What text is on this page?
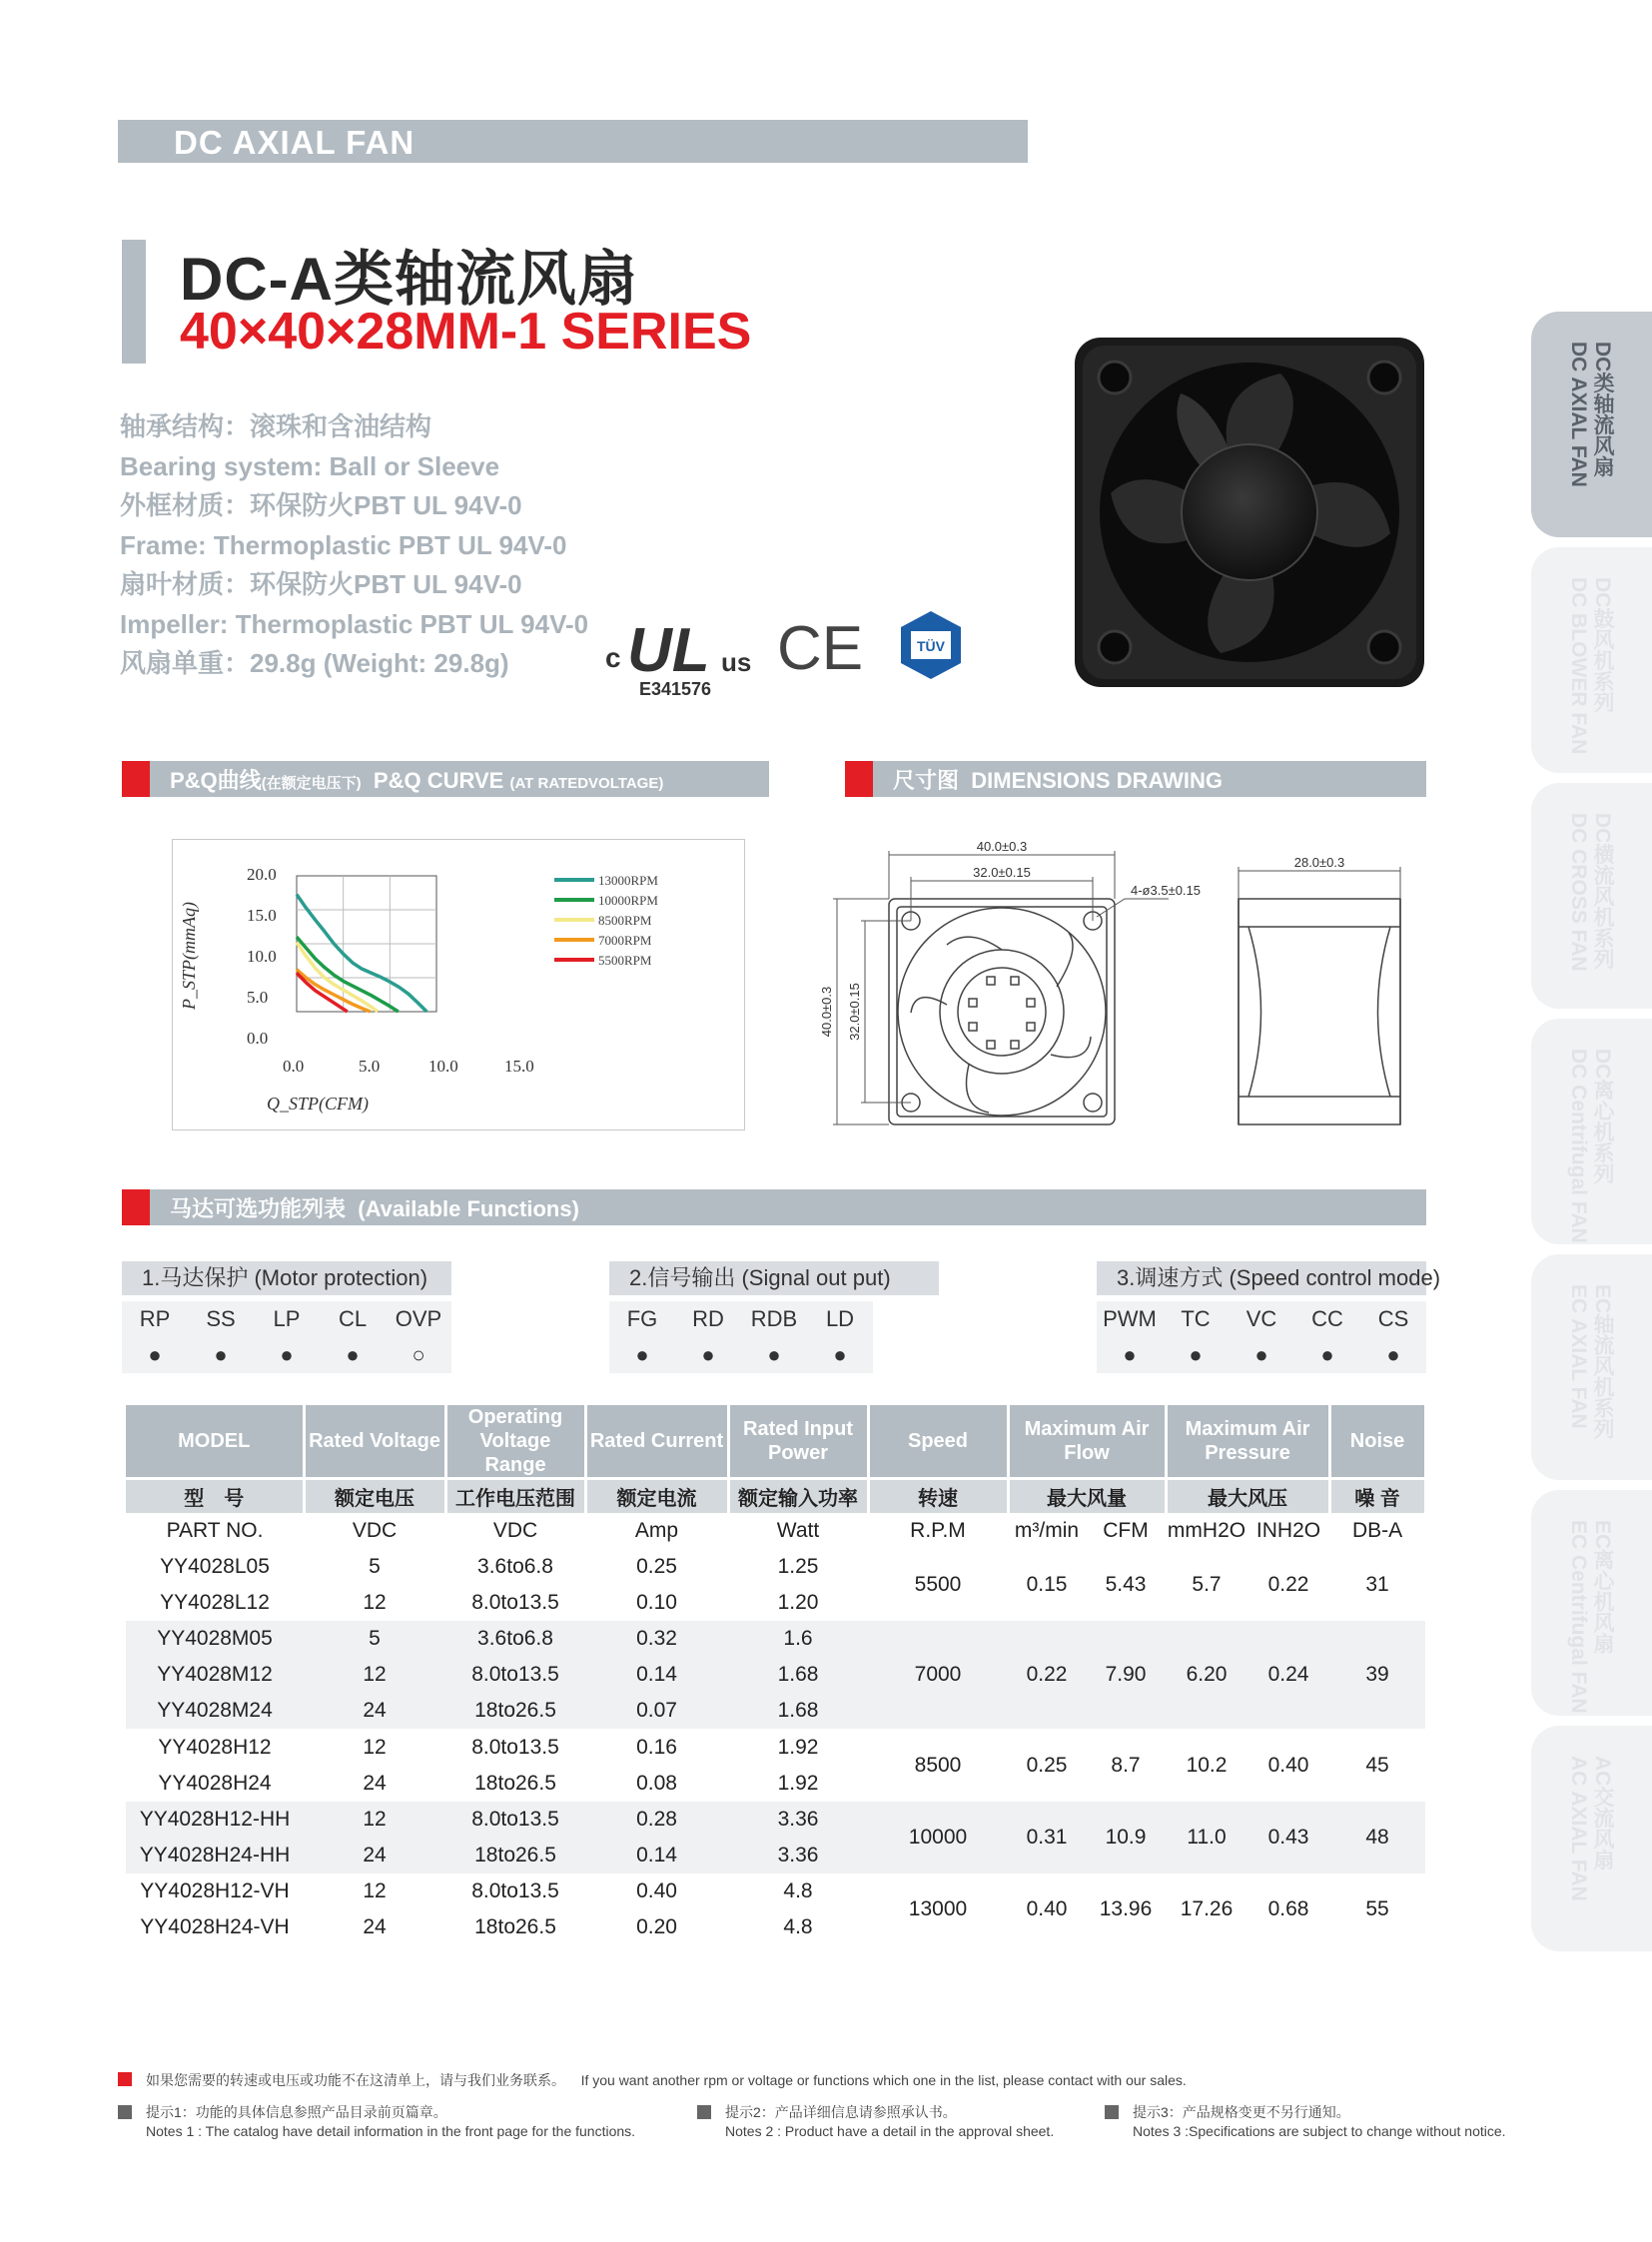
DC AXIAL FAN
DC-A类轴流风扇
40×40×28MM-1 SERIES
轴承结构：滚珠和含油结构
Bearing system: Ball or Sleeve
外框材质：环保防火PBT UL 94V-0
Frame: Thermoplastic PBT UL 94V-0
扇叶材质：环保防火PBT UL 94V-0
Impeller: Thermoplastic PBT UL 94V-0
风扇单重：29.8g (Weight: 29.8g)	c UL us
E341576
CE	TÜV
DC类轴流风扇
DC AXIAL FAN
DC鼓风机系列
DC BLOWER FAN
DC横流风机系列
DC CROSS FAN
DC离心机系列
DC Centrifugal FAN
EC轴流风机系列
EC AXIAL FAN
EC离心机风扇
EC Centrifugal FAN
AC交流风扇
AC AXIAL FAN
P&Q曲线(在额定电压下) P&Q CURVE (AT RATEDVOLTAGE)	尺寸图 DIMENSIONS DRAWING
马达可选功能列表 (Available Functions)
20.0
15.0
10.0
5.0
0.0
0.0	5.0	10.0	15.0
Q_STP(CFM)
P_STP(mmAq)
13000RPM
10000RPM
8500RPM
7000RPM
5500RPM
40.0±0.3
32.0±0.15
4-ø3.5±0.15
28.0±0.3
40.0±0.3 32.0±0.15
1.马达保护 (Motor protection)
RP	SS	LP	CL	OVP
●	●	●	●	○
2.信号输出 (Signal out put)
FG	RD	RDB	LD
●	●	●	●
3.调速方式 (Speed control mode)
PWM	TC	VC	CC	CS
●	●	●	●	●
MODEL	Rated Voltage	Operating Voltage Range	Rated Current	Rated Input Power	Speed	Maximum Air Flow		Maximum Air Pressure		Noise
型　号	额定电压	工作电压范围	额定电流	额定输入功率	转速	最大风量		最大风压		噪 音
PART NO.	VDC	VDC	Amp	Watt	R.P.M	m³/min	CFM	mmH2O	INH2O	DB-A
YY4028L05	5	3.6to6.8	0.25	1.25	5500	0.15	5.43	5.7	0.22	31
YY4028L12	12	8.0to13.5	0.10	1.20						
YY4028M05	5	3.6to6.8	0.32	1.6	7000	0.22	7.90	6.20	0.24	39
YY4028M12	12	8.0to13.5	0.14	1.68						
YY4028M24	24	18to26.5	0.07	1.68						
YY4028H12	12	8.0to13.5	0.16	1.92	8500	0.25	8.7	10.2	0.40	45
YY4028H24	24	18to26.5	0.08	1.92						
YY4028H12-HH	12	8.0to13.5	0.28	3.36	10000	0.31	10.9	11.0	0.43	48
YY4028H24-HH	24	18to26.5	0.14	3.36						
YY4028H12-VH	12	8.0to13.5	0.40	4.8	13000	0.40	13.96	17.26	0.68	55
YY4028H24-VH	24	18to26.5	0.20	4.8						
如果您需要的转速或电压或功能不在这清单上，请与我们业务联系。 If you want another rpm or voltage or functions which one in the list, please contact with our sales.
提示1：功能的具体信息参照产品目录前页篇章。
Notes 1 : The catalog have detail information in the front page for the functions.
提示2：产品详细信息请参照承认书。
Notes 2 : Product have a detail in the approval sheet.
提示3：产品规格变更不另行通知。
Notes 3 :Specifications are subject to change without notice.
